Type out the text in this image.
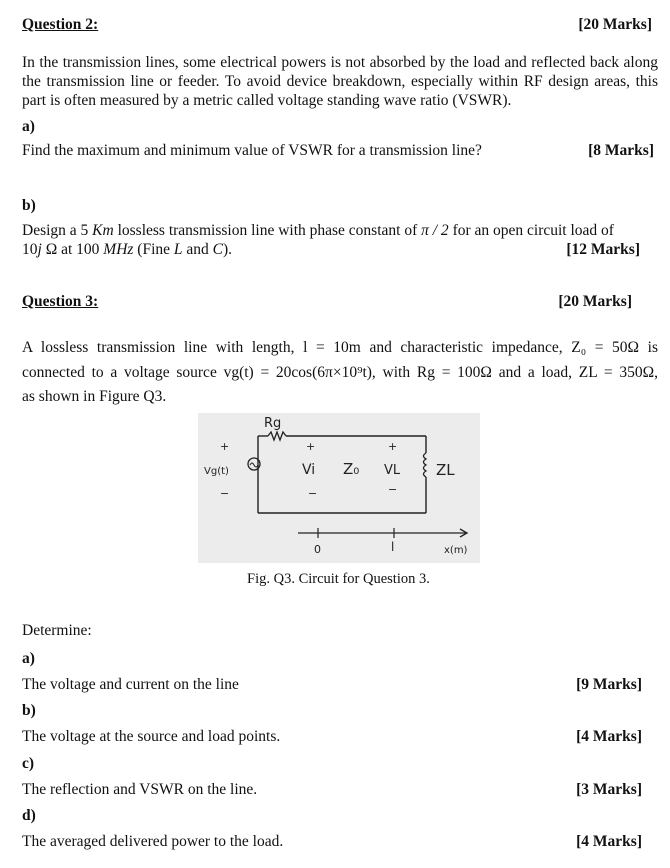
Question 2:	[20 Marks]
In the transmission lines, some electrical powers is not absorbed by the load and reflected back along the transmission line or feeder. To avoid device breakdown, especially within RF design areas, this part is often measured by a metric called voltage standing wave ratio (VSWR).
a)
Find the maximum and minimum value of VSWR for a transmission line?	[8 Marks]
b)
Design a 5 Km lossless transmission line with phase constant of π / 2 for an open circuit load of
10j Ω at 100 MHz (Fine L and C).	[12 Marks]
Question 3:	[20 Marks]
A lossless transmission line with length, l = 10m and characteristic impedance, Z₀ = 50Ω is
connected to a voltage source vg(t) = 20cos(6π×10⁹t), with Rg = 100Ω and a load, ZL = 350Ω,
as shown in Figure Q3.
Rg
+
Vg(t)
−
+
Vi
−
Z₀
+
VL
−
ZL
0	l	x(m)
Fig. Q3. Circuit for Question 3.
Determine:
a)
The voltage and current on the line	[9 Marks]
b)
The voltage at the source and load points.	[4 Marks]
c)
The reflection and VSWR on the line.	[3 Marks]
d)
The averaged delivered power to the load.	[4 Marks]
